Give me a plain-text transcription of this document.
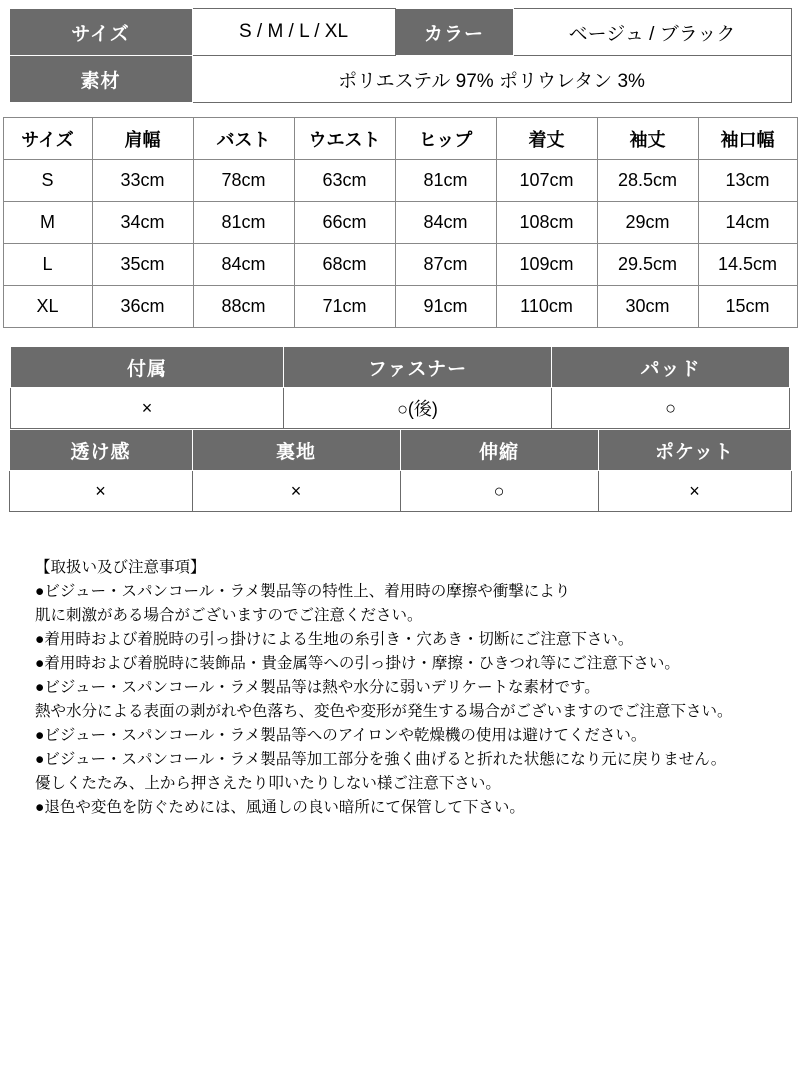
サイズ	S / M / L / XL	カラー	ベージュ / ブラック
素材	ポリエステル 97% ポリウレタン 3%		
サイズ	肩幅	バスト	ウエスト	ヒップ	着丈	袖丈	袖口幅
S	33cm	78cm	63cm	81cm	107cm	28.5cm	13cm
M	34cm	81cm	66cm	84cm	108cm	29cm	14cm
L	35cm	84cm	68cm	87cm	109cm	29.5cm	14.5cm
XL	36cm	88cm	71cm	91cm	110cm	30cm	15cm
付属	ファスナー	パッド
×	○(後)	○
透け感	裏地	伸縮	ポケット
×	×	○	×
【取扱い及び注意事項】
●ビジュー・スパンコール・ラメ製品等の特性上、着用時の摩擦や衝撃により
肌に刺激がある場合がございますのでご注意ください。
●着用時および着脱時の引っ掛けによる生地の糸引き・穴あき・切断にご注意下さい。
●着用時および着脱時に装飾品・貴金属等への引っ掛け・摩擦・ひきつれ等にご注意下さい。
●ビジュー・スパンコール・ラメ製品等は熱や水分に弱いデリケートな素材です。
熱や水分による表面の剥がれや色落ち、変色や変形が発生する場合がございますのでご注意下さい。
●ビジュー・スパンコール・ラメ製品等へのアイロンや乾燥機の使用は避けてください。
●ビジュー・スパンコール・ラメ製品等加工部分を強く曲げると折れた状態になり元に戻りません。
優しくたたみ、上から押さえたり叩いたりしない様ご注意下さい。
●退色や変色を防ぐためには、風通しの良い暗所にて保管して下さい。
